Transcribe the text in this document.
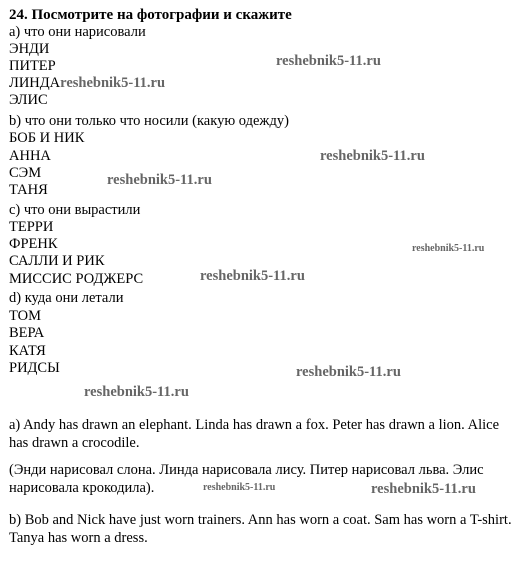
24. Посмотрите на фотографии и скажите
a) что они нарисовали
ЭНДИ
ПИТЕР
ЛИНДАreshebnik5-11.ru
ЭЛИС
b) что они только что носили (какую одежду)
БОБ И НИК
АННА
СЭМ
ТАНЯ
c) что они вырастили
ТЕРРИ
ФРЕНК
САЛЛИ И РИК
МИССИС РОДЖЕРС
d) куда они летали
ТОМ
ВЕРА
КАТЯ
РИДСЫ
a) Andy has drawn an elephant. Linda has drawn a fox. Peter has drawn a lion. Alice has drawn a crocodile.
(Энди нарисовал слона. Линда нарисовала лису. Питер нарисовал льва. Элис
нарисовала крокодила).
b) Bob and Nick have just worn trainers. Ann has worn a coat. Sam has worn a T-shirt. Tanya has worn a dress.
reshebnik5-11.ru
reshebnik5-11.ru
reshebnik5-11.ru
reshebnik5-11.ru
reshebnik5-11.ru
reshebnik5-11.ru
reshebnik5-11.ru
reshebnik5-11.ru	reshebnik5-11.ru
